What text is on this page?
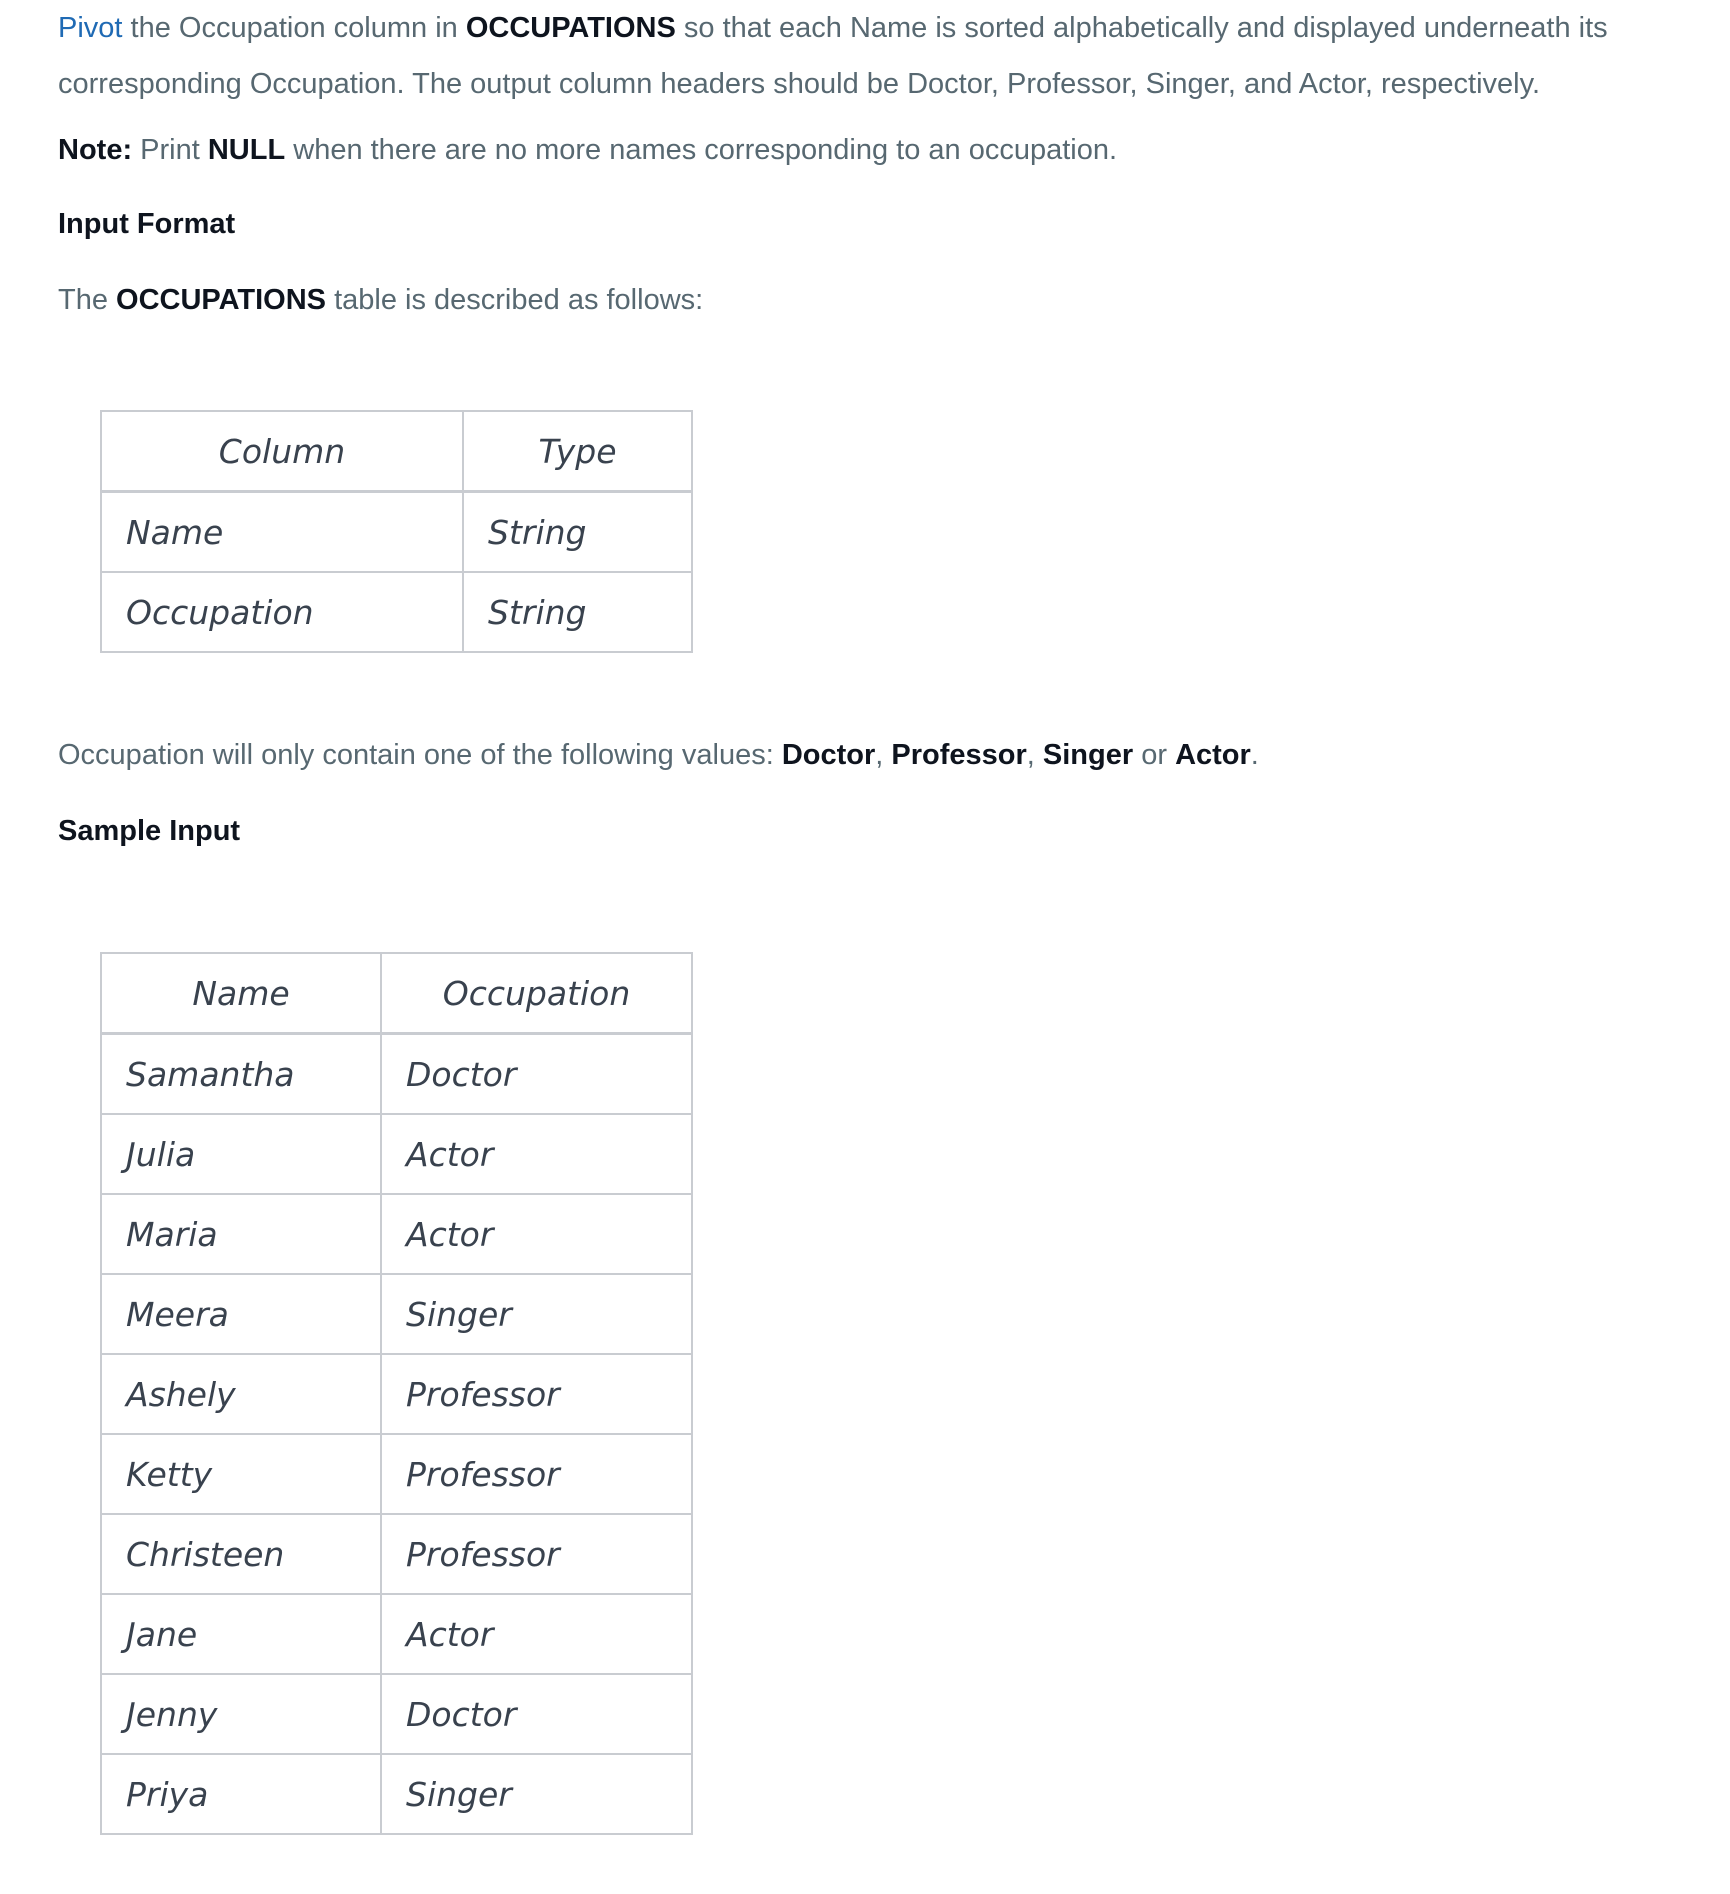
Pivot the Occupation column in OCCUPATIONS so that each Name is sorted alphabetically and displayed underneath its corresponding Occupation. The output column headers should be Doctor, Professor, Singer, and Actor, respectively.

Note: Print NULL when there are no more names corresponding to an occupation.

Input Format

The OCCUPATIONS table is described as follows:

Column	Type
Name	String
Occupation	String

Occupation will only contain one of the following values: Doctor, Professor, Singer or Actor.

Sample Input

Name	Occupation
Samantha	Doctor
Julia	Actor
Maria	Actor
Meera	Singer
Ashely	Professor
Ketty	Professor
Christeen	Professor
Jane	Actor
Jenny	Doctor
Priya	Singer
